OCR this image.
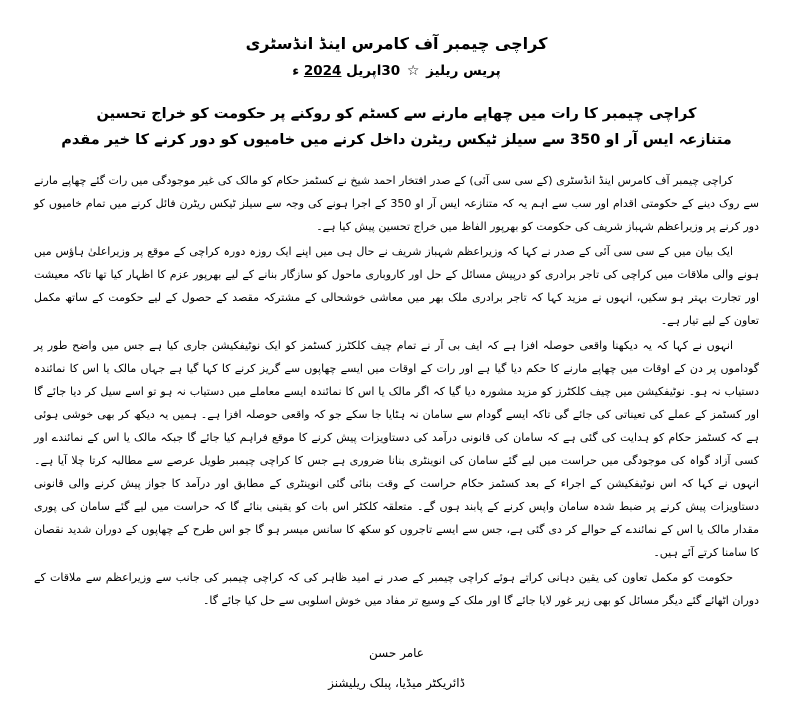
کراچی چیمبر آف کامرس اینڈ انڈسٹری
پریس ریلیز ☆ 30اپریل 2024 ء
کراچی چیمبر کا رات میں چھاپے مارنے سے کسٹم کو روکنے پر حکومت کو خراج تحسین
متنازعہ ایس آر او 350 سے سیلز ٹیکس ریٹرن داخل کرنے میں خامیوں کو دور کرنے کا خیر مقدم

کراچی چیمبر آف کامرس اینڈ انڈسٹری (کے سی سی آئی) کے صدر افتخار احمد شیخ نے کسٹمز حکام کو مالک کی غیر موجودگی میں رات گئے چھاپے مارنے سے روک دینے کے حکومتی اقدام اور سب سے اہم یہ کہ متنازعہ ایس آر او 350 کے اجرا ہونے کی وجہ سے سیلز ٹیکس ریٹرن فائل کرنے میں تمام خامیوں کو دور کرنے پر وزیراعظم شہباز شریف کی حکومت کو بھرپور الفاظ میں خراج تحسین پیش کیا ہے۔

ایک بیان میں کے سی سی آئی کے صدر نے کہا کہ وزیراعظم شہباز شریف نے حال ہی میں اپنے ایک روزہ دورہ کراچی کے موقع پر وزیراعلیٰ ہاؤس میں ہونے والی ملاقات میں کراچی کی تاجر برادری کو درپیش مسائل کے حل اور کاروباری ماحول کو سازگار بنانے کے لیے بھرپور عزم کا اظہار کیا تھا تاکہ معیشت اور تجارت بہتر ہو سکیں، انہوں نے مزید کہا کہ تاجر برادری ملک بھر میں معاشی خوشحالی کے مشترکہ مقصد کے حصول کے لیے حکومت کے ساتھ مکمل تعاون کے لیے تیار ہے۔

انہوں نے کہا کہ یہ دیکھنا واقعی حوصلہ افزا ہے کہ ایف بی آر نے تمام چیف کلکٹرز کسٹمز کو ایک نوٹیفکیشن جاری کیا ہے جس میں واضح طور پر گوداموں پر دن کے اوقات میں چھاپے مارنے کا حکم دیا گیا ہے اور رات کے اوقات میں ایسے چھاپوں سے گریز کرنے کا کہا گیا ہے جہاں مالک یا اس کا نمائندہ دستیاب نہ ہو۔ نوٹیفکیشن میں چیف کلکٹرز کو مزید مشورہ دیا گیا کہ اگر مالک یا اس کا نمائندہ ایسے معاملے میں دستیاب نہ ہو تو اسے سیل کر دیا جائے گا اور کسٹمز کے عملے کی تعیناتی کی جائے گی تاکہ ایسے گودام سے سامان نہ ہٹایا جا سکے جو کہ واقعی حوصلہ افزا ہے۔ ہمیں یہ دیکھ کر بھی خوشی ہوئی ہے کہ کسٹمز حکام کو ہدایت کی گئی ہے کہ سامان کی قانونی درآمد کی دستاویزات پیش کرنے کا موقع فراہم کیا جائے گا جبکہ مالک یا اس کے نمائندے اور کسی آزاد گواہ کی موجودگی میں حراست میں لیے گئے سامان کی انوینٹری بنانا ضروری ہے جس کا کراچی چیمبر طویل عرصے سے مطالبہ کرتا چلا آیا ہے۔ انہوں نے کہا کہ اس نوٹیفکیشن کے اجراء کے بعد کسٹمز حکام حراست کے وقت بنائی گئی انوینٹری کے مطابق اور درآمد کا جواز پیش کرنے والی قانونی دستاویزات پیش کرنے پر ضبط شدہ سامان واپس کرنے کے پابند ہوں گے۔ متعلقہ کلکٹر اس بات کو یقینی بنائے گا کہ حراست میں لیے گئے سامان کی پوری مقدار مالک یا اس کے نمائندے کے حوالے کر دی گئی ہے، جس سے ایسے تاجروں کو سکھ کا سانس میسر ہو گا جو اس طرح کے چھاپوں کے دوران شدید نقصان کا سامنا کرتے آئے ہیں۔

حکومت کو مکمل تعاون کی یقین دہانی کراتے ہوئے کراچی چیمبر کے صدر نے امید ظاہر کی کہ کراچی چیمبر کی جانب سے وزیراعظم سے ملاقات کے دوران اٹھائے گئے دیگر مسائل کو بھی زیر غور لایا جائے گا اور ملک کے وسیع تر مفاد میں خوش اسلوبی سے حل کیا جائے گا۔

عامر حسن
ڈائریکٹر میڈیا، پبلک ریلیشنز
